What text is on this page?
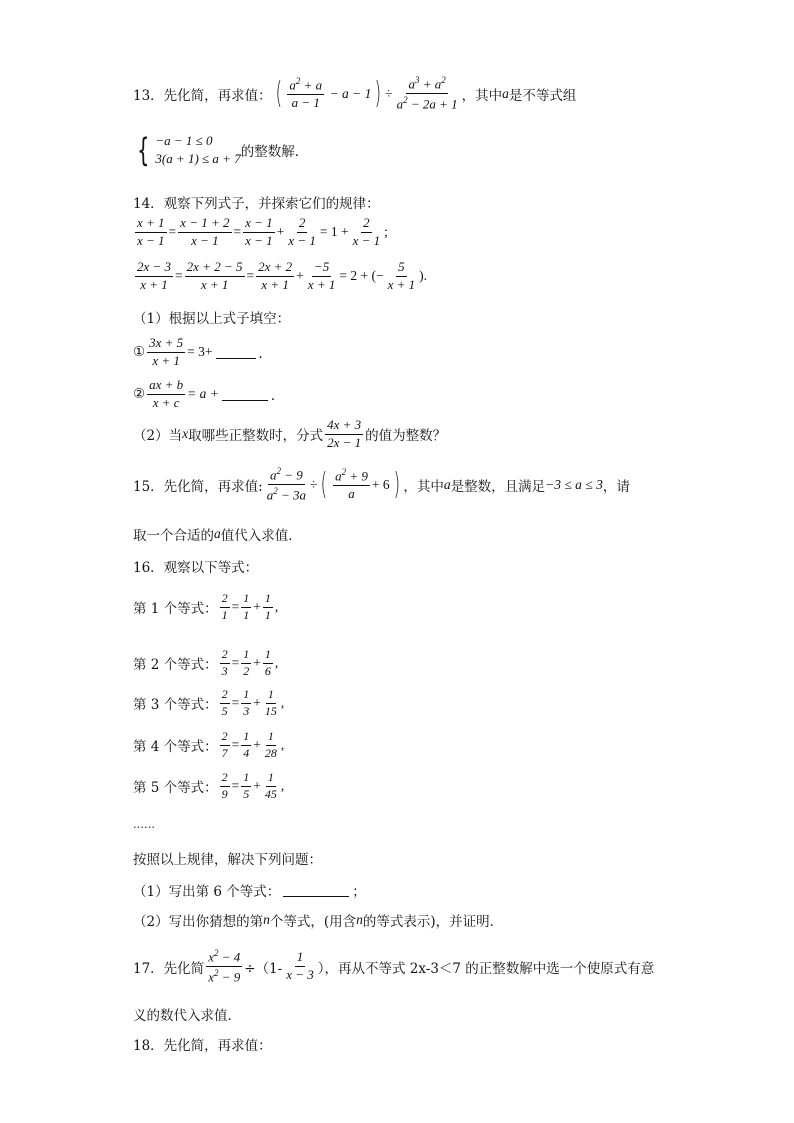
13．先化简，再求值： ( $\frac{a^2 + a}{a - 1} - a - 1$ ) ÷ $\frac{a^3 + a^2}{a^2 - 2a + 1}$ ，其中 a 是不等式组
{ −a − 1 ≤ 0
3(a + 1) ≤ a + 7 的整数解．
14．观察下列式子，并探索它们的规律：
$\frac{x + 1}{x - 1} = \frac{x - 1 + 2}{x - 1} = \frac{x - 1}{x - 1} + \frac{2}{x - 1} = 1 + \frac{2}{x - 1}$ ;
$\frac{2x - 3}{x + 1} = \frac{2x + 2 - 5}{x + 1} = \frac{2x + 2}{x + 1} + \frac{-5}{x + 1} = 2$ + (− $\frac{5}{x + 1}$ ).
（1）根据以上式子填空：
① $\frac{3x + 5}{x + 1} = 3+$	．
② $\frac{ax + b}{x + c} = a$ +	．
（2）当 x 取哪些正整数时，分式 $\frac{4x + 3}{2x - 1}$ 的值为整数？
15．先化简，再求值: $\frac{a^2 - 9}{a^2 - 3a}$ ÷ ( $\frac{a^2 + 9}{a} + 6$ ) ，其中 a 是整数，且满足 −3 ≤ a ≤ 3 ，请
取一个合适的 a 值代入求值．
16．观察以下等式：
第 1 个等式： $\frac{2}{1} = \frac{1}{1} + \frac{1}{1}$ ,
第 2 个等式： $\frac{2}{3} = \frac{1}{2} + \frac{1}{6}$ ,
第 3 个等式： $\frac{2}{5} = \frac{1}{3} + \frac{1}{15}$ ,
第 4 个等式： $\frac{2}{7} = \frac{1}{4} + \frac{1}{28}$ ,
第 5 个等式： $\frac{2}{9} = \frac{1}{5} + \frac{1}{45}$ ,
……
按照以上规律，解决下列问题：
（1）写出第 6 个等式：	；
（2）写出你猜想的第 n 个等式，(用含 n 的等式表示)，并证明．
17．先化简 $\frac{x^2 - 4}{x^2 - 9} \div(1- \frac{1}{x - 3}$ ），再从不等式 2x-3＜7 的正整数解中选一个使原式有意
义的数代入求值．
18．先化简，再求值：
